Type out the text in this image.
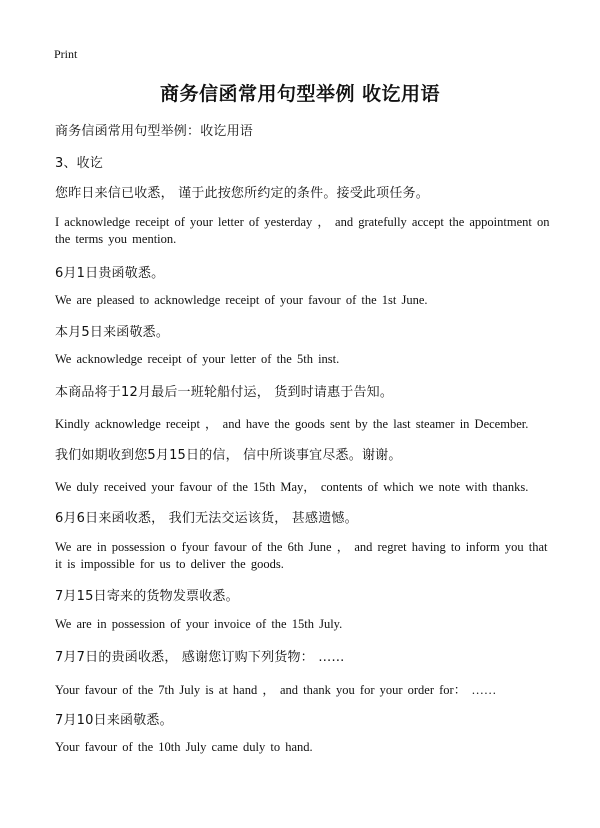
Print
商务信函常用句型举例 收讫用语

商务信函常用句型举例：收讫用语

3、收讫

您昨日来信已收悉， 谨于此按您所约定的条件。接受此项任务。

I acknowledge receipt of your letter of yesterday ， and gratefully accept the appointment on the terms you mention.

6月1日贵函敬悉。

We are pleased to acknowledge receipt of your favour of the 1st June.

本月5日来函敬悉。

We acknowledge receipt of your letter of the 5th inst.

本商品将于12月最后一班轮船付运， 货到时请惠于告知。

Kindly acknowledge receipt ， and have the goods sent by the last steamer in December.

我们如期收到您5月15日的信， 信中所谈事宜尽悉。谢谢。

We duly received your favour of the 15th May， contents of which we note with thanks.

6月6日来函收悉， 我们无法交运该货， 甚感遗憾。

We are in possession o fyour favour of the 6th June ， and regret having to inform you that it is impossible for us to deliver the goods.

7月15日寄来的货物发票收悉。

We are in possession of your invoice of the 15th July.

7月7日的贵函收悉， 感谢您订购下列货物： ……

Your favour of the 7th July is at hand ， and thank you for your order for： ……

7月10日来函敬悉。

Your favour of the 10th July came duly to hand.
